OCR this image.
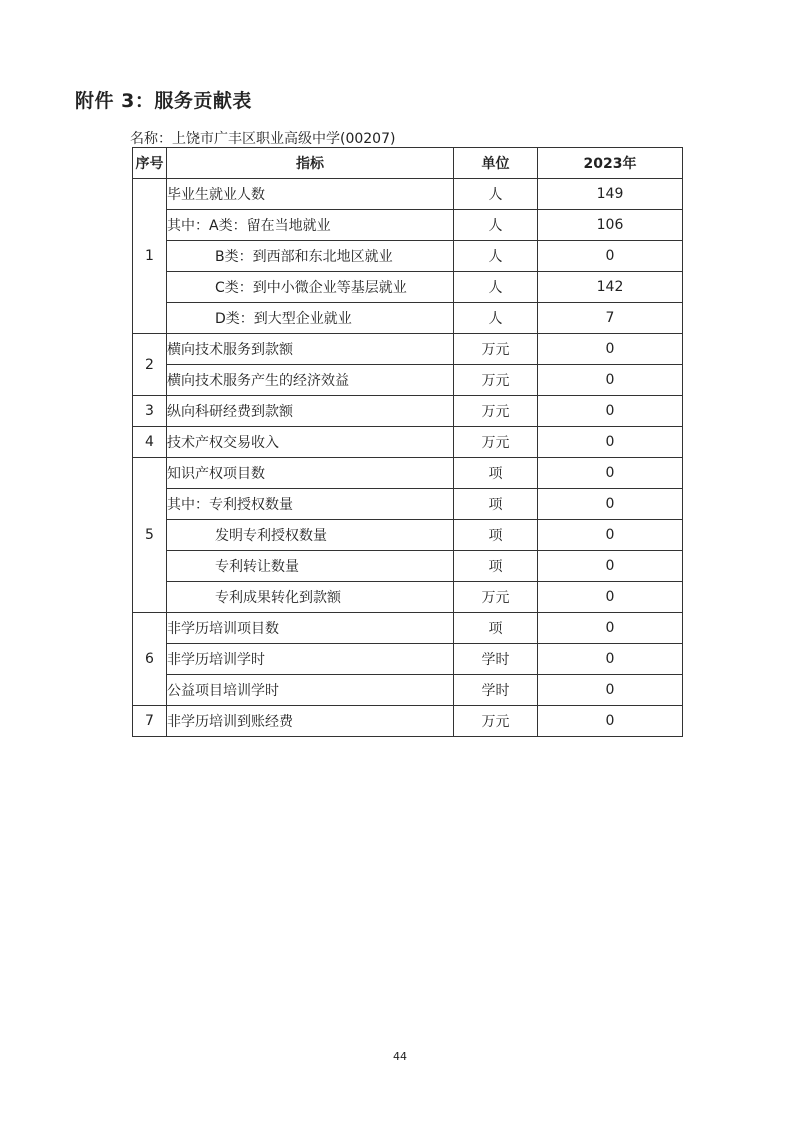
附件 3：服务贡献表

名称：上饶市广丰区职业高级中学(00207)

序号	指标	单位	2023年
1	毕业生就业人数	人	149
	其中：A类：留在当地就业	人	106
	B类：到西部和东北地区就业	人	0
	C类：到中小微企业等基层就业	人	142
	D类：到大型企业就业	人	7
2	横向技术服务到款额	万元	0
	横向技术服务产生的经济效益	万元	0
3	纵向科研经费到款额	万元	0
4	技术产权交易收入	万元	0
5	知识产权项目数	项	0
	其中：专利授权数量	项	0
	发明专利授权数量	项	0
	专利转让数量	项	0
	专利成果转化到款额	万元	0
6	非学历培训项目数	项	0
	非学历培训学时	学时	0
	公益项目培训学时	学时	0
7	非学历培训到账经费	万元	0

44
